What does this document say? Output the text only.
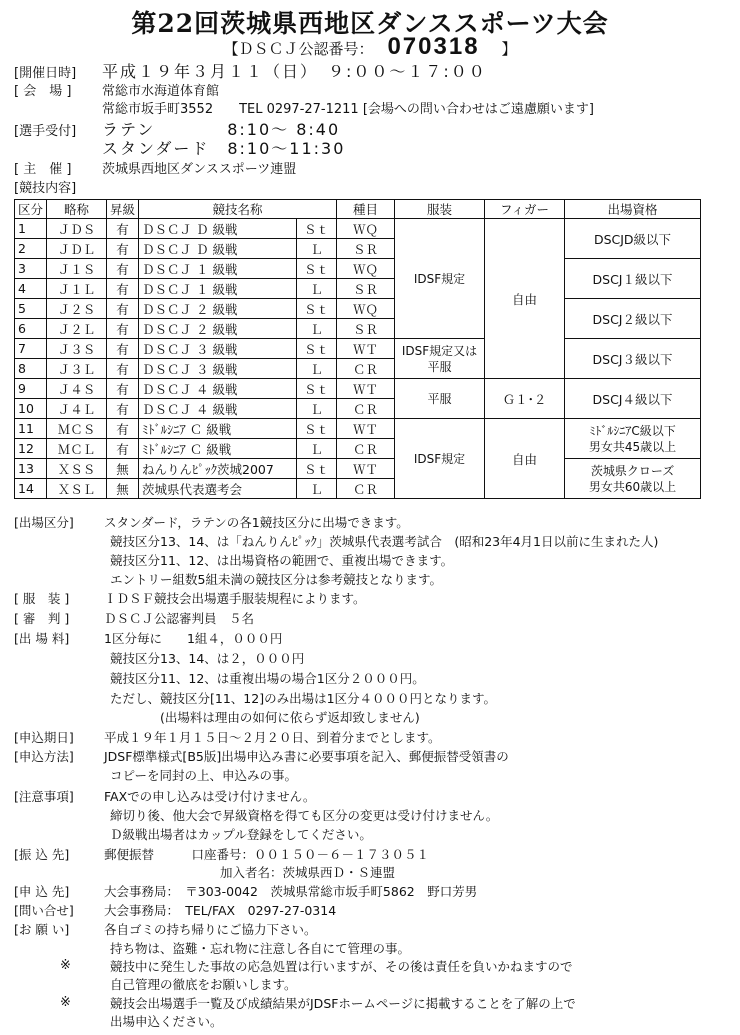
第22回茨城県西地区ダンススポーツ大会
【ＤＳＣＪ公認番号： 070318 】
[開催日時] 平成１９年３月１１（日）　９:００～１７:００
[ 会　場 ] 常総市水海道体育館
常総市坂手町3552　　TEL 0297-27-1211 [会場への問い合わせはご遠慮願います]
[選手受付] ラテン　　　　8:10～ 8:40
スタンダード　8:10～11:30
[ 主　催 ] 茨城県西地区ダンススポーツ連盟
[競技内容]
区分	略称	昇級	競技名称		種目	服装	フィガー	出場資格
1	ＪＤＳ	有	ＤＳＣＪ Ｄ 級戦	Ｓｔ	ＷＱ	IDSF規定	自由	DSCJD級以下
2	ＪＤＬ	有	ＤＳＣＪ Ｄ 級戦	Ｌ	ＳＲ			
3	Ｊ１Ｓ	有	ＤＳＣＪ １ 級戦	Ｓｔ	ＷＱ			DSCJ１級以下
4	Ｊ１Ｌ	有	ＤＳＣＪ １ 級戦	Ｌ	ＳＲ			
5	Ｊ２Ｓ	有	ＤＳＣＪ ２ 級戦	Ｓｔ	ＷＱ			DSCJ２級以下
6	Ｊ２Ｌ	有	ＤＳＣＪ ２ 級戦	Ｌ	ＳＲ			
7	Ｊ３Ｓ	有	ＤＳＣＪ ３ 級戦	Ｓｔ	ＷＴ	IDSF規定又は平服		DSCJ３級以下
8	Ｊ３Ｌ	有	ＤＳＣＪ ３ 級戦	Ｌ	ＣＲ			
9	Ｊ４Ｓ	有	ＤＳＣＪ ４ 級戦	Ｓｔ	ＷＴ	平服	Ｇ１･２	DSCJ４級以下
10	Ｊ４Ｌ	有	ＤＳＣＪ ４ 級戦	Ｌ	ＣＲ			
11	ＭＣＳ	有	ﾐﾄﾞﾙｼﾆｱ Ｃ 級戦	Ｓｔ	ＷＴ	IDSF規定	自由	ﾐﾄﾞﾙｼﾆｱC級以下
男女共45歳以上

12	ＭＣＬ	有	ﾐﾄﾞﾙｼﾆｱ Ｃ 級戦	Ｌ	ＣＲ			
13	ＸＳＳ	無	ねんりんﾋﾟｯｸ茨城2007	Ｓｔ	ＷＴ			茨城県クローズ
男女共60歳以上

14	ＸＳＬ	無	茨城県代表選考会	Ｌ	ＣＲ			
[出場区分] スタンダード，ラテンの各1競技区分に出場できます。
競技区分13、14、は「ねんりんﾋﾟｯｸ」茨城県代表選考試合　(昭和23年4月1日以前に生まれた人)
競技区分11、12、は出場資格の範囲で、重複出場できます。
エントリー組数5組未満の競技区分は参考競技となります。
[ 服　装 ]	ＩＤＳＦ競技会出場選手服装規程によります。
[ 審　判 ]	ＤＳＣＪ公認審判員　５名
[出 場 料]	1区分毎に　　1組４，０００円
競技区分13、14、は２，０００円
競技区分11、12、は重複出場の場合1区分２０００円。
ただし、競技区分[11、12]のみ出場は1区分４０００円となります。
(出場料は理由の如何に依らず返却致しません)
[申込期日] 平成１９年１月１５日～２月２０日、到着分までとします。
[申込方法] JDSF標準様式[B5版]出場申込み書に必要事項を記入、郵便振替受領書の
コピーを同封の上、申込みの事。
[注意事項] FAXでの申し込みは受け付けません。
締切り後、他大会で昇級資格を得ても区分の変更は受け付けません。
Ｄ級戦出場者はカップル登録をしてください。
[振 込 先]	郵便振替　　　口座番号：００１５０－６－１７３０５１
加入者名：茨城県西Ｄ・Ｓ連盟
[申 込 先]	大会事務局：　〒303-0042　茨城県常総市坂手町5862　野口芳男
[問い合せ] 大会事務局：　TEL/FAX　0297-27-0314
[お 願 い]	各自ゴミの持ち帰りにご協力下さい。
持ち物は、盗難・忘れ物に注意し各自にて管理の事。
※	競技中に発生した事故の応急処置は行いますが、その後は責任を負いかねますので
自己管理の徹底をお願いします。
※	競技会出場選手一覧及び成績結果がJDSFホームページに掲載することを了解の上で
出場申込ください。
